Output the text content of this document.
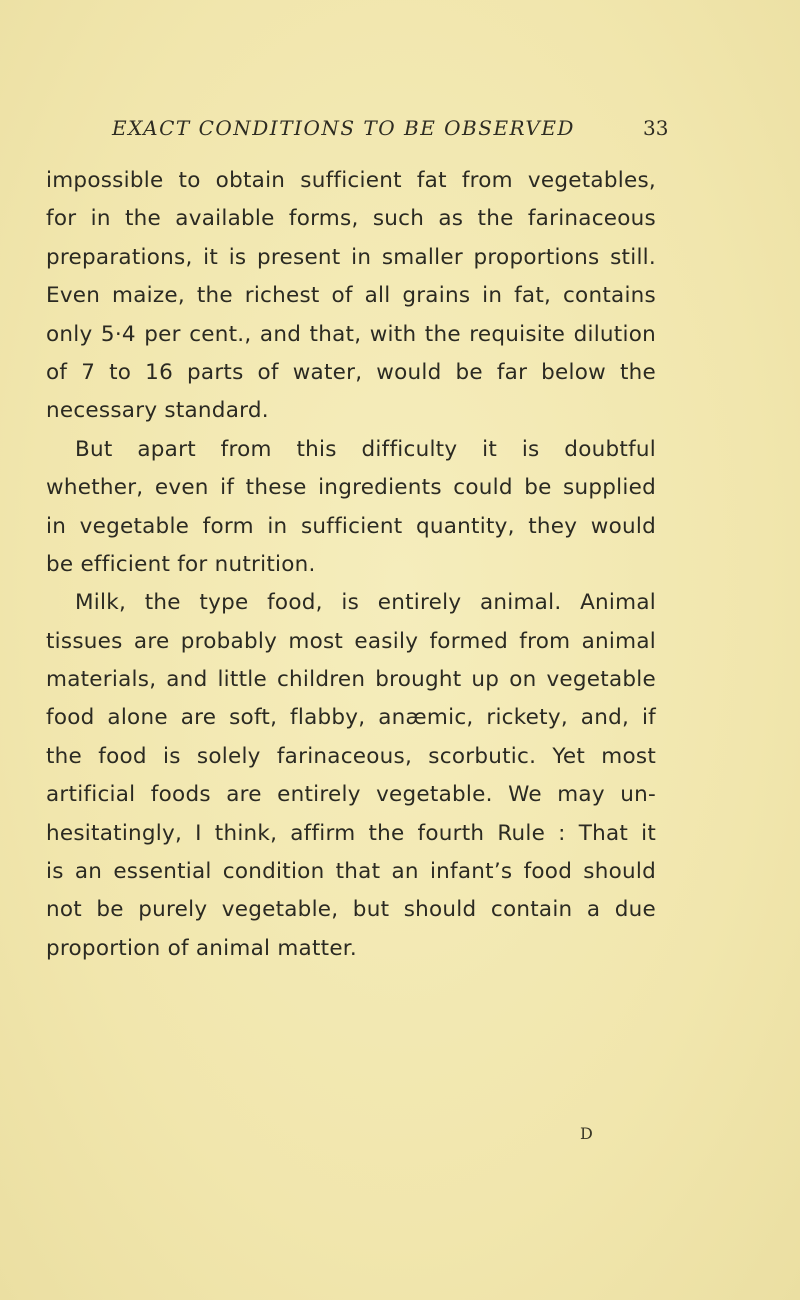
EXACT CONDITIONS TO BE OBSERVED	33
impossible to obtain sufficient fat from vegetables,
for in the available forms, such as the farinaceous
preparations, it is present in smaller proportions still.
Even maize, the richest of all grains in fat, contains
only 5·4 per cent., and that, with the requisite dilution
of 7 to 16 parts of water, would be far below the
necessary standard.
But apart from this difficulty it is doubtful
whether, even if these ingredients could be supplied
in vegetable form in sufficient quantity, they would
be efficient for nutrition.
Milk, the type food, is entirely animal. Animal
tissues are probably most easily formed from animal
materials, and little children brought up on vegetable
food alone are soft, flabby, anæmic, rickety, and, if
the food is solely farinaceous, scorbutic. Yet most
artificial foods are entirely vegetable. We may un-
hesitatingly, I think, affirm the fourth Rule : That it
is an essential condition that an infant’s food should
not be purely vegetable, but should contain a due
proportion of animal matter.
D
